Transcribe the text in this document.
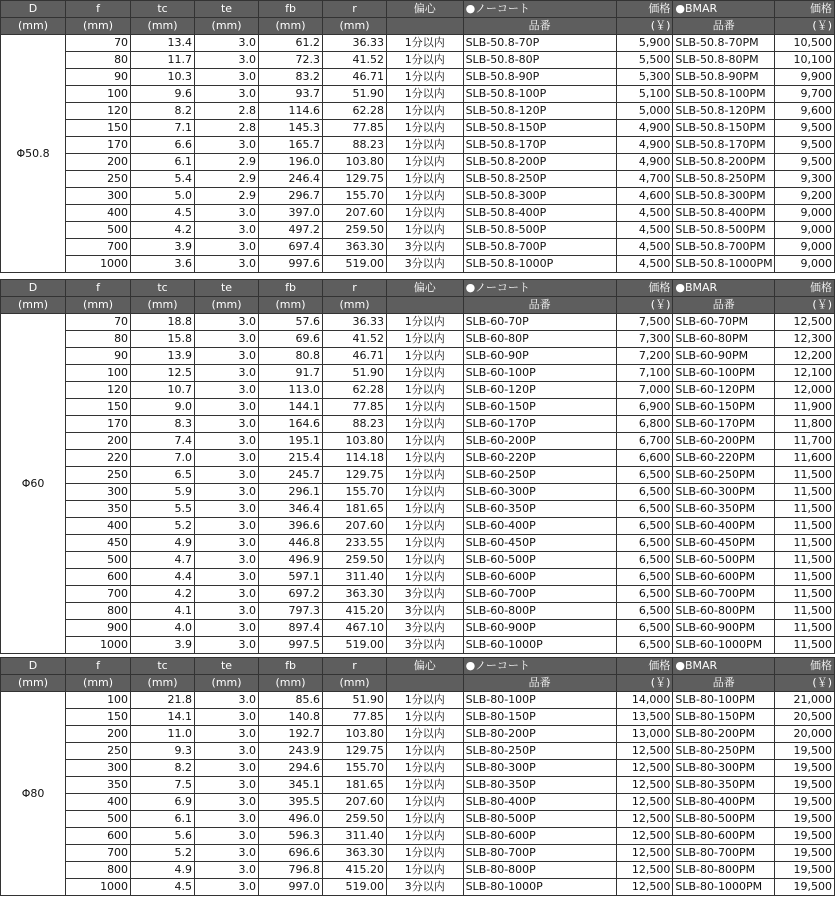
D	f	tc	te	fb	r	偏心	●ノーコート	価格	●BMAR	価格
(mm)	(mm)	(mm)	(mm)	(mm)	(mm)		品番	(￥)	品番	(￥)
Φ50.8	70	13.4	3.0	61.2	36.33	1分以内	SLB-50.8-70P	5,900	SLB-50.8-70PM	10,500
	80	11.7	3.0	72.3	41.52	1分以内	SLB-50.8-80P	5,500	SLB-50.8-80PM	10,100
	90	10.3	3.0	83.2	46.71	1分以内	SLB-50.8-90P	5,300	SLB-50.8-90PM	9,900
	100	9.6	3.0	93.7	51.90	1分以内	SLB-50.8-100P	5,100	SLB-50.8-100PM	9,700
	120	8.2	2.8	114.6	62.28	1分以内	SLB-50.8-120P	5,000	SLB-50.8-120PM	9,600
	150	7.1	2.8	145.3	77.85	1分以内	SLB-50.8-150P	4,900	SLB-50.8-150PM	9,500
	170	6.6	3.0	165.7	88.23	1分以内	SLB-50.8-170P	4,900	SLB-50.8-170PM	9,500
	200	6.1	2.9	196.0	103.80	1分以内	SLB-50.8-200P	4,900	SLB-50.8-200PM	9,500
	250	5.4	2.9	246.4	129.75	1分以内	SLB-50.8-250P	4,700	SLB-50.8-250PM	9,300
	300	5.0	2.9	296.7	155.70	1分以内	SLB-50.8-300P	4,600	SLB-50.8-300PM	9,200
	400	4.5	3.0	397.0	207.60	1分以内	SLB-50.8-400P	4,500	SLB-50.8-400PM	9,000
	500	4.2	3.0	497.2	259.50	1分以内	SLB-50.8-500P	4,500	SLB-50.8-500PM	9,000
	700	3.9	3.0	697.4	363.30	3分以内	SLB-50.8-700P	4,500	SLB-50.8-700PM	9,000
	1000	3.6	3.0	997.6	519.00	3分以内	SLB-50.8-1000P	4,500	SLB-50.8-1000PM	9,000
D	f	tc	te	fb	r	偏心	●ノーコート	価格	●BMAR	価格
(mm)	(mm)	(mm)	(mm)	(mm)	(mm)		品番	(￥)	品番	(￥)
Φ60	70	18.8	3.0	57.6	36.33	1分以内	SLB-60-70P	7,500	SLB-60-70PM	12,500
	80	15.8	3.0	69.6	41.52	1分以内	SLB-60-80P	7,300	SLB-60-80PM	12,300
	90	13.9	3.0	80.8	46.71	1分以内	SLB-60-90P	7,200	SLB-60-90PM	12,200
	100	12.5	3.0	91.7	51.90	1分以内	SLB-60-100P	7,100	SLB-60-100PM	12,100
	120	10.7	3.0	113.0	62.28	1分以内	SLB-60-120P	7,000	SLB-60-120PM	12,000
	150	9.0	3.0	144.1	77.85	1分以内	SLB-60-150P	6,900	SLB-60-150PM	11,900
	170	8.3	3.0	164.6	88.23	1分以内	SLB-60-170P	6,800	SLB-60-170PM	11,800
	200	7.4	3.0	195.1	103.80	1分以内	SLB-60-200P	6,700	SLB-60-200PM	11,700
	220	7.0	3.0	215.4	114.18	1分以内	SLB-60-220P	6,600	SLB-60-220PM	11,600
	250	6.5	3.0	245.7	129.75	1分以内	SLB-60-250P	6,500	SLB-60-250PM	11,500
	300	5.9	3.0	296.1	155.70	1分以内	SLB-60-300P	6,500	SLB-60-300PM	11,500
	350	5.5	3.0	346.4	181.65	1分以内	SLB-60-350P	6,500	SLB-60-350PM	11,500
	400	5.2	3.0	396.6	207.60	1分以内	SLB-60-400P	6,500	SLB-60-400PM	11,500
	450	4.9	3.0	446.8	233.55	1分以内	SLB-60-450P	6,500	SLB-60-450PM	11,500
	500	4.7	3.0	496.9	259.50	1分以内	SLB-60-500P	6,500	SLB-60-500PM	11,500
	600	4.4	3.0	597.1	311.40	1分以内	SLB-60-600P	6,500	SLB-60-600PM	11,500
	700	4.2	3.0	697.2	363.30	3分以内	SLB-60-700P	6,500	SLB-60-700PM	11,500
	800	4.1	3.0	797.3	415.20	3分以内	SLB-60-800P	6,500	SLB-60-800PM	11,500
	900	4.0	3.0	897.4	467.10	3分以内	SLB-60-900P	6,500	SLB-60-900PM	11,500
	1000	3.9	3.0	997.5	519.00	3分以内	SLB-60-1000P	6,500	SLB-60-1000PM	11,500
D	f	tc	te	fb	r	偏心	●ノーコート	価格	●BMAR	価格
(mm)	(mm)	(mm)	(mm)	(mm)	(mm)		品番	(￥)	品番	(￥)
Φ80	100	21.8	3.0	85.6	51.90	1分以内	SLB-80-100P	14,000	SLB-80-100PM	21,000
	150	14.1	3.0	140.8	77.85	1分以内	SLB-80-150P	13,500	SLB-80-150PM	20,500
	200	11.0	3.0	192.7	103.80	1分以内	SLB-80-200P	13,000	SLB-80-200PM	20,000
	250	9.3	3.0	243.9	129.75	1分以内	SLB-80-250P	12,500	SLB-80-250PM	19,500
	300	8.2	3.0	294.6	155.70	1分以内	SLB-80-300P	12,500	SLB-80-300PM	19,500
	350	7.5	3.0	345.1	181.65	1分以内	SLB-80-350P	12,500	SLB-80-350PM	19,500
	400	6.9	3.0	395.5	207.60	1分以内	SLB-80-400P	12,500	SLB-80-400PM	19,500
	500	6.1	3.0	496.0	259.50	1分以内	SLB-80-500P	12,500	SLB-80-500PM	19,500
	600	5.6	3.0	596.3	311.40	1分以内	SLB-80-600P	12,500	SLB-80-600PM	19,500
	700	5.2	3.0	696.6	363.30	1分以内	SLB-80-700P	12,500	SLB-80-700PM	19,500
	800	4.9	3.0	796.8	415.20	1分以内	SLB-80-800P	12,500	SLB-80-800PM	19,500
	1000	4.5	3.0	997.0	519.00	3分以内	SLB-80-1000P	12,500	SLB-80-1000PM	19,500
